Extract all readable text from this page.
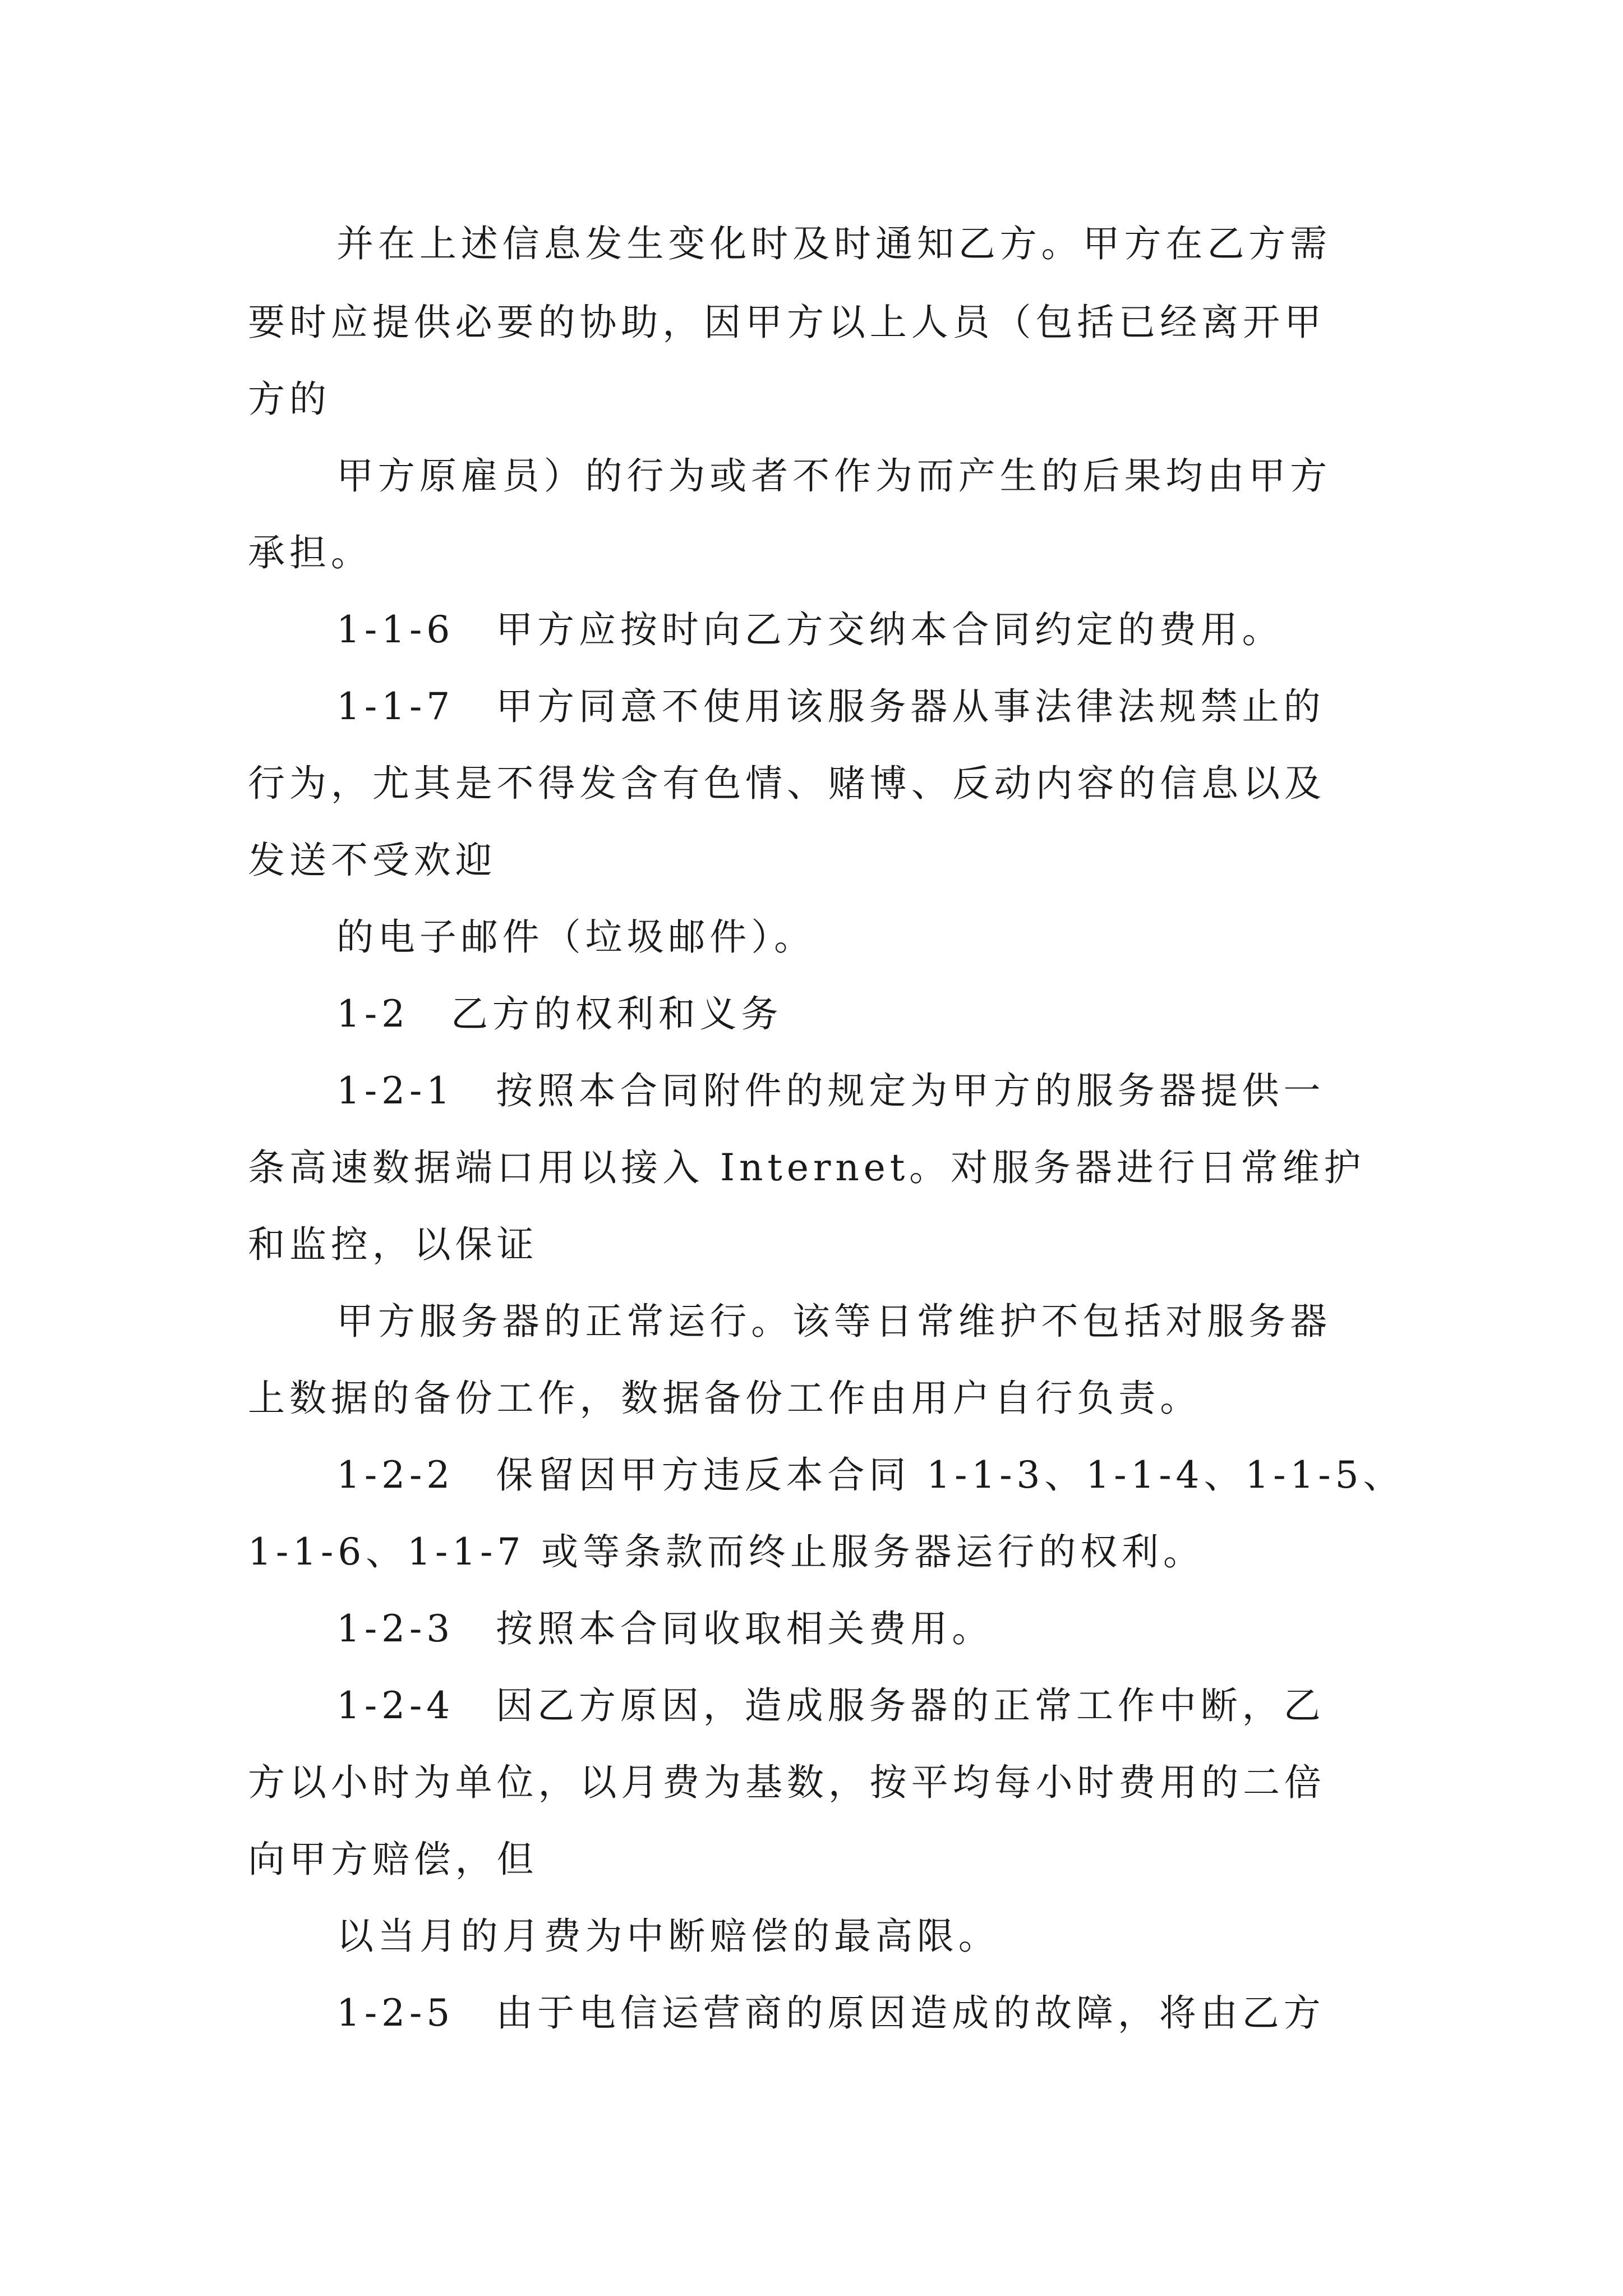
并在上述信息发生变化时及时通知乙方。甲方在乙方需

要时应提供必要的协助，因甲方以上人员（包括已经离开甲

方的

甲方原雇员）的行为或者不作为而产生的后果均由甲方

承担。

1-1-6　甲方应按时向乙方交纳本合同约定的费用。

1-1-7　甲方同意不使用该服务器从事法律法规禁止的

行为，尤其是不得发含有色情、赌博、反动内容的信息以及

发送不受欢迎

的电子邮件（垃圾邮件）。

1-2　乙方的权利和义务

1-2-1　按照本合同附件的规定为甲方的服务器提供一

条高速数据端口用以接入 Internet。对服务器进行日常维护

和监控，以保证

甲方服务器的正常运行。该等日常维护不包括对服务器

上数据的备份工作，数据备份工作由用户自行负责。

1-2-2　保留因甲方违反本合同 1-1-3、1-1-4、1-1-5、

1-1-6、1-1-7 或等条款而终止服务器运行的权利。

1-2-3　按照本合同收取相关费用。

1-2-4　因乙方原因，造成服务器的正常工作中断，乙

方以小时为单位，以月费为基数，按平均每小时费用的二倍

向甲方赔偿，但

以当月的月费为中断赔偿的最高限。

1-2-5　由于电信运营商的原因造成的故障，将由乙方
